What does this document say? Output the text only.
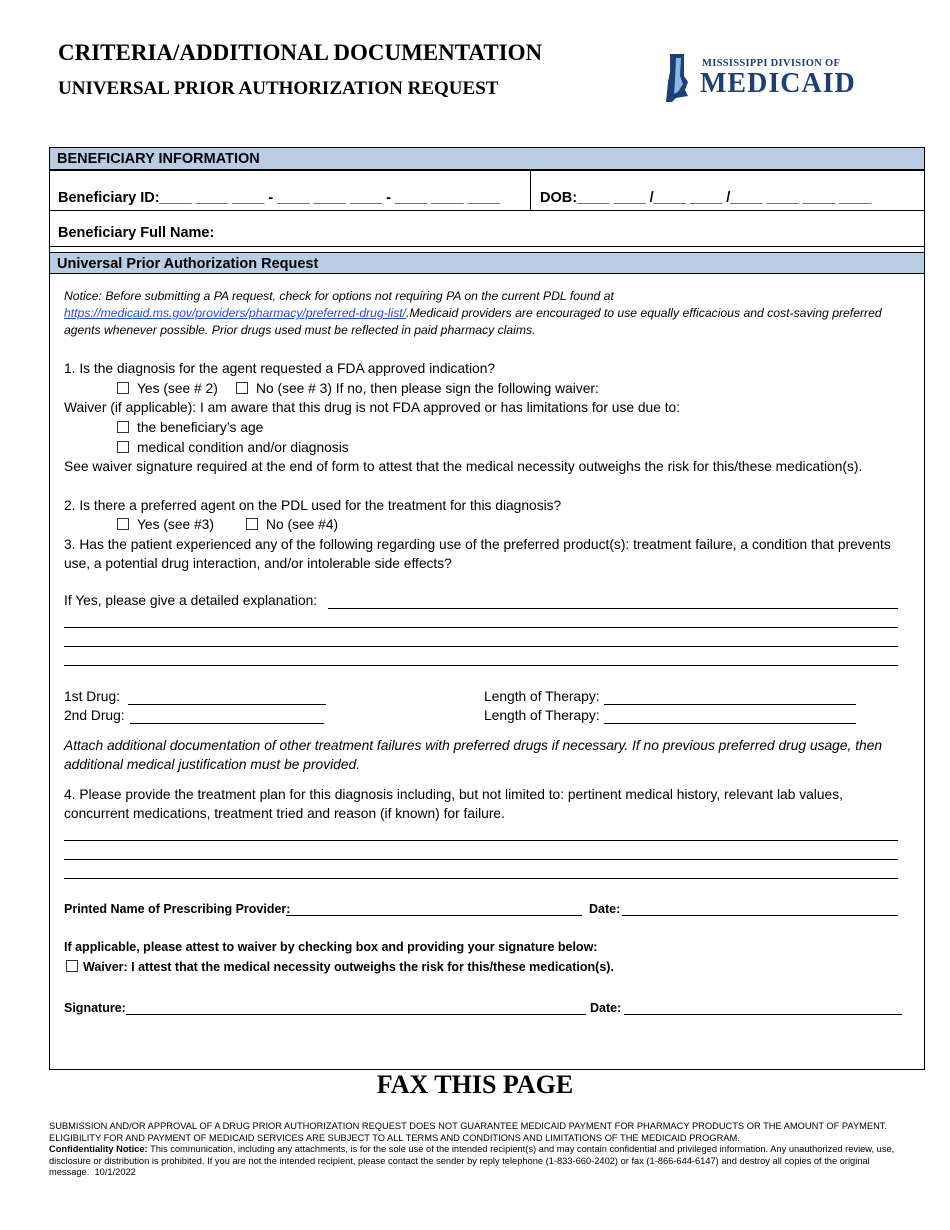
CRITERIA/ADDITIONAL DOCUMENTATION
UNIVERSAL PRIOR AUTHORIZATION REQUEST
MISSISSIPPI DIVISION OF
MEDICAID
BENEFICIARY INFORMATION
Beneficiary ID:____ ____ ____ - ____ ____ ____ - ____ ____ ____	DOB:____ ____ /____ ____ /____ ____ ____ ____
Beneficiary Full Name:
Universal Prior Authorization Request
Notice: Before submitting a PA request, check for options not requiring PA on the current PDL found at
https://medicaid.ms.gov/providers/pharmacy/preferred-drug-list/.Medicaid providers are encouraged to use equally efficacious and cost-saving preferred agents whenever possible. Prior drugs used must be reflected in paid pharmacy claims.
1. Is the diagnosis for the agent requested a FDA approved indication?
Yes (see # 2)	No (see # 3) If no, then please sign the following waiver:
Waiver (if applicable): I am aware that this drug is not FDA approved or has limitations for use due to:
the beneficiary’s age
medical condition and/or diagnosis
See waiver signature required at the end of form to attest that the medical necessity outweighs the risk for this/these medication(s).
2. Is there a preferred agent on the PDL used for the treatment for this diagnosis?
Yes (see #3)	No (see #4)
3. Has the patient experienced any of the following regarding use of the preferred product(s): treatment failure, a condition that prevents use, a potential drug interaction, and/or intolerable side effects?
If Yes, please give a detailed explanation:
1st Drug:	Length of Therapy:
2nd Drug:	Length of Therapy:
Attach additional documentation of other treatment failures with preferred drugs if necessary. If no previous preferred drug usage, then additional medical justification must be provided.
4. Please provide the treatment plan for this diagnosis including, but not limited to: pertinent medical history, relevant lab values, concurrent medications, treatment tried and reason (if known) for failure.
Printed Name of Prescribing Provider:	Date:
If applicable, please attest to waiver by checking box and providing your signature below:
Waiver: I attest that the medical necessity outweighs the risk for this/these medication(s).
Signature:	Date:
FAX THIS PAGE
SUBMISSION AND/OR APPROVAL OF A DRUG PRIOR AUTHORIZATION REQUEST DOES NOT GUARANTEE MEDICAID PAYMENT FOR PHARMACY PRODUCTS OR THE AMOUNT OF PAYMENT.
ELIGIBILITY FOR AND PAYMENT OF MEDICAID SERVICES ARE SUBJECT TO ALL TERMS AND CONDITIONS AND LIMITATIONS OF THE MEDICAID PROGRAM.
Confidentiality Notice: This communication, including any attachments, is for the sole use of the intended recipient(s) and may contain confidential and privileged information. Any unauthorized review, use, disclosure or distribution is prohibited. If you are not the intended recipient, please contact the sender by reply telephone (1-833-660-2402) or fax (1-866-644-6147) and destroy all copies of the original message. 10/1/2022
